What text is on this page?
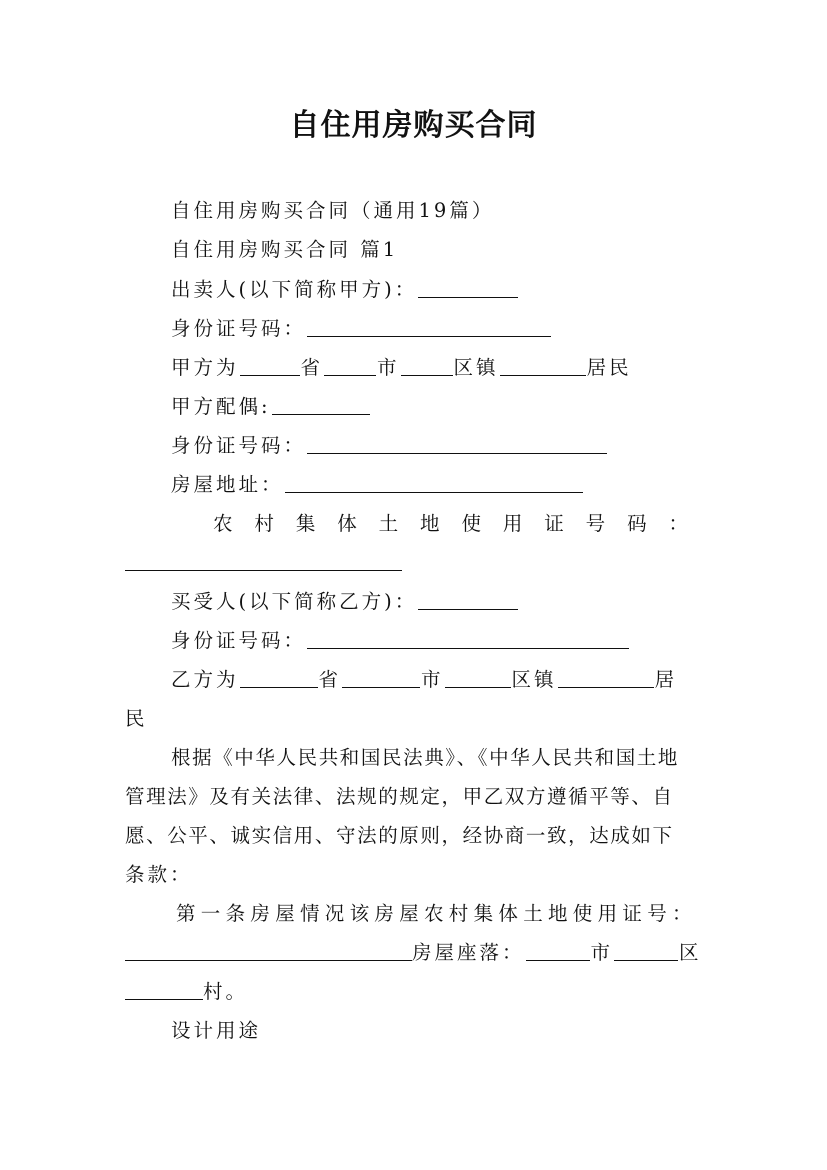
自住用房购买合同
自住用房购买合同（通用19篇）
自住用房购买合同 篇1
出卖人(以下简称甲方)：
身份证号码：
甲方为	省	市	区镇	居民
甲方配偶:
身份证号码：
房屋地址：
农 村 集 体 土 地 使 用 证 号 码 ：
买受人(以下简称乙方)：
身份证号码：
乙方为	省	市	区镇	居
民
根据《中华人民共和国民法典》、《中华人民共和国土地
管理法》及有关法律、法规的规定，甲乙双方遵循平等、自
愿、公平、诚实信用、守法的原则，经协商一致，达成如下
条款：
第一条房屋情况该房屋农村集体土地使用证号：
房屋座落：	市	区
村。
设计用途
